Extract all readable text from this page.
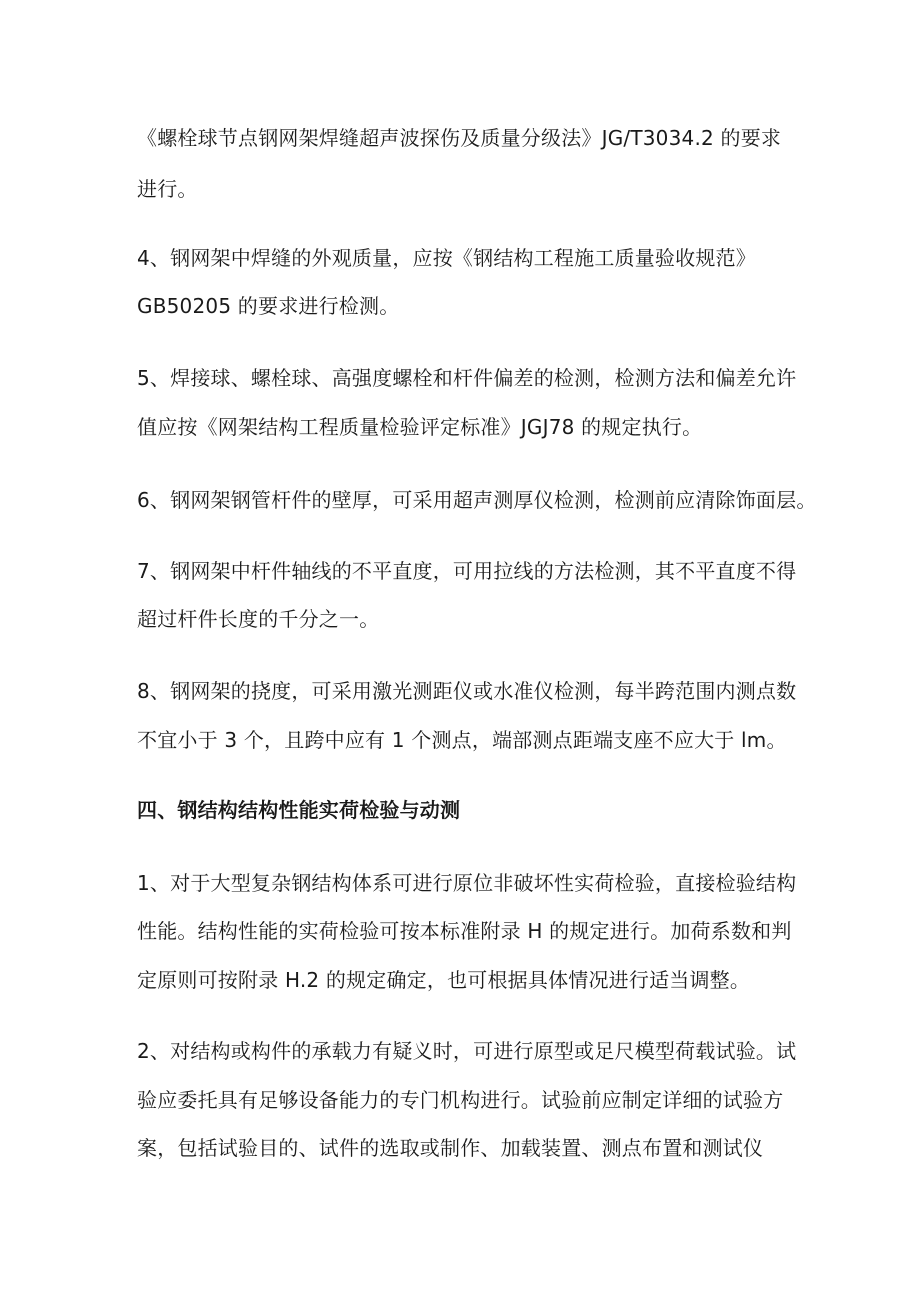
《螺栓球节点钢网架焊缝超声波探伤及质量分级法》JG/T3034.2 的要求
进行。
4、钢网架中焊缝的外观质量，应按《钢结构工程施工质量验收规范》
GB50205 的要求进行检测。
5、焊接球、螺栓球、高强度螺栓和杆件偏差的检测，检测方法和偏差允许
值应按《网架结构工程质量检验评定标准》JGJ78 的规定执行。
6、钢网架钢管杆件的壁厚，可采用超声测厚仪检测，检测前应清除饰面层。
7、钢网架中杆件轴线的不平直度，可用拉线的方法检测，其不平直度不得
超过杆件长度的千分之一。
8、钢网架的挠度，可采用激光测距仪或水准仪检测，每半跨范围内测点数
不宜小于 3 个，且跨中应有 1 个测点，端部测点距端支座不应大于 lm。
四、钢结构结构性能实荷检验与动测
1、对于大型复杂钢结构体系可进行原位非破坏性实荷检验，直接检验结构
性能。结构性能的实荷检验可按本标准附录 H 的规定进行。加荷系数和判
定原则可按附录 H.2 的规定确定，也可根据具体情况进行适当调整。
2、对结构或构件的承载力有疑义时，可进行原型或足尺模型荷载试验。试
验应委托具有足够设备能力的专门机构进行。试验前应制定详细的试验方
案，包括试验目的、试件的选取或制作、加载装置、测点布置和测试仪
